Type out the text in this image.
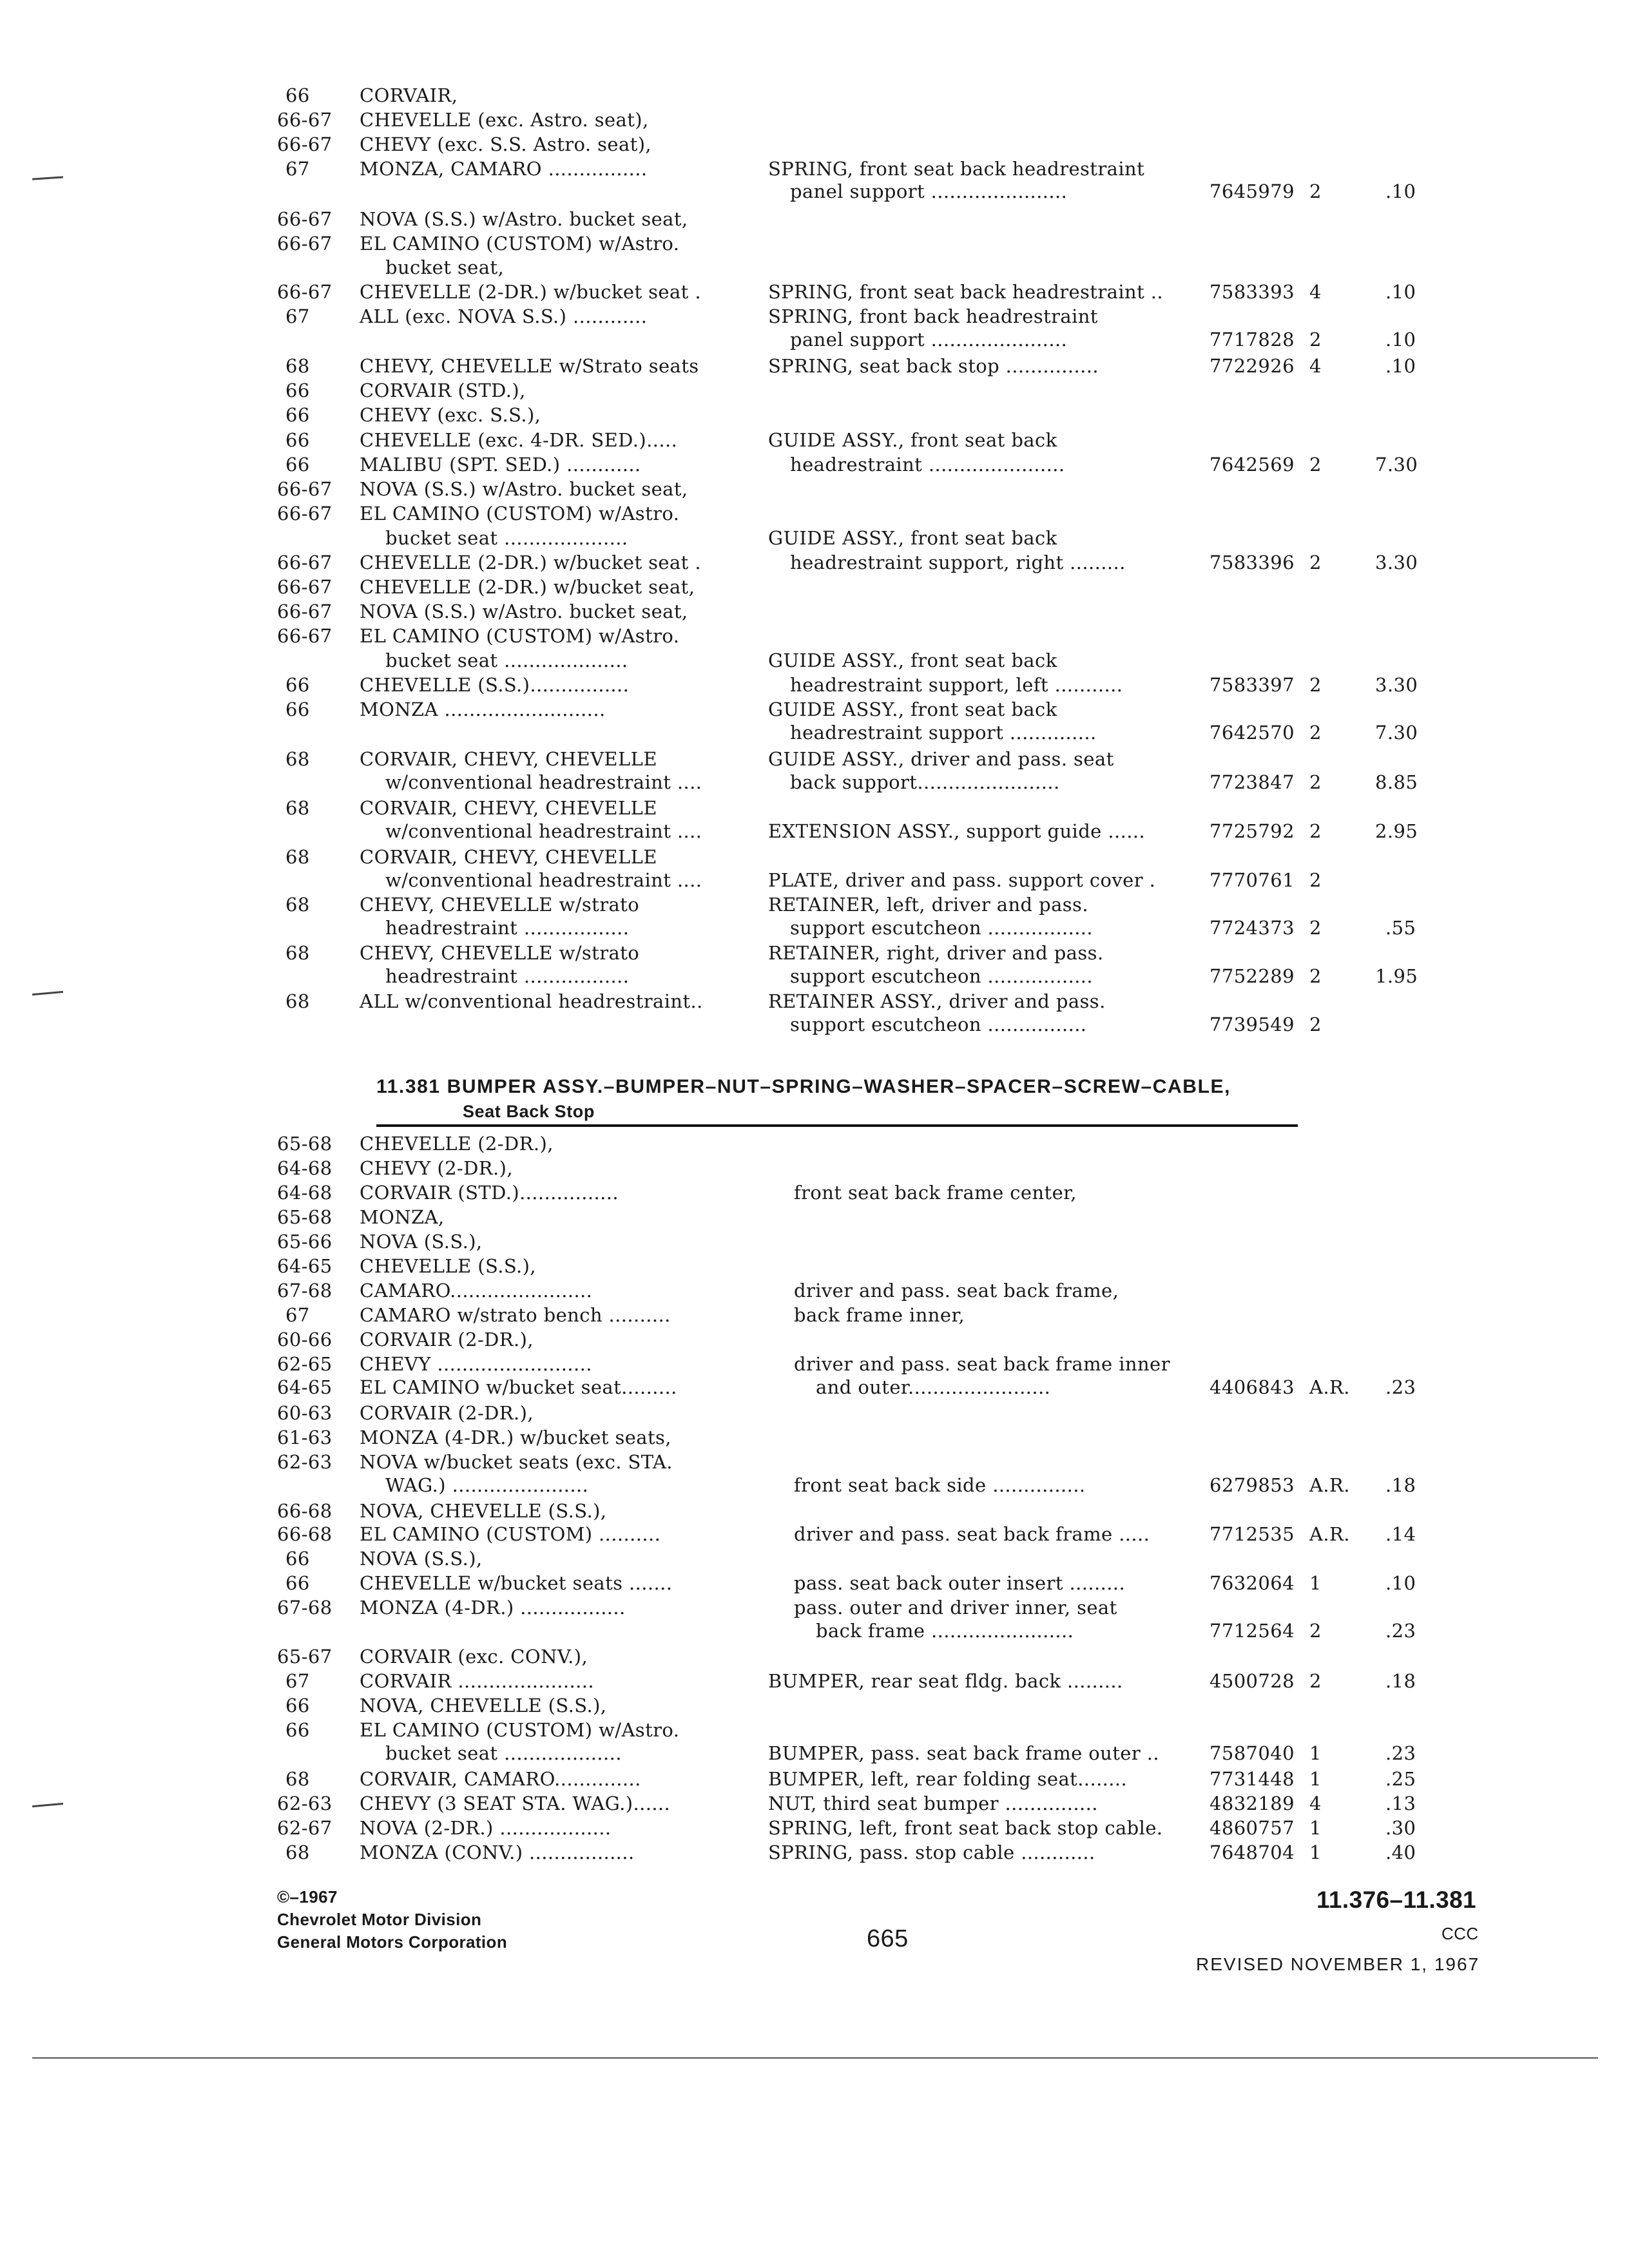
66	CORVAIR,
66-67 CHEVELLE (exc. Astro. seat),
66-67 CHEVY (exc. S.S. Astro. seat),
67	MONZA, CAMARO ................	SPRING, front seat back headrestraint
panel support ......................	7645979 2	.10
66-67 NOVA (S.S.) w/Astro. bucket seat,
66-67 EL CAMINO (CUSTOM) w/Astro.
bucket seat,
66-67 CHEVELLE (2-DR.) w/bucket seat .	SPRING, front seat back headrestraint .. 7583393 4	.10
67	ALL (exc. NOVA S.S.) ............	SPRING, front back headrestraint
panel support ......................	7717828 2	.10
68	CHEVY, CHEVELLE w/Strato seats	SPRING, seat back stop ...............	7722926 4	.10
66	CORVAIR (STD.),
66	CHEVY (exc. S.S.),
66	CHEVELLE (exc. 4-DR. SED.).....	GUIDE ASSY., front seat back
66	MALIBU (SPT. SED.) ............	headrestraint ......................	7642569 2	7.30
66-67 NOVA (S.S.) w/Astro. bucket seat,
66-67 EL CAMINO (CUSTOM) w/Astro.
bucket seat ....................	GUIDE ASSY., front seat back
66-67 CHEVELLE (2-DR.) w/bucket seat .	headrestraint support, right .........	7583396 2	3.30
66-67 CHEVELLE (2-DR.) w/bucket seat,
66-67 NOVA (S.S.) w/Astro. bucket seat,
66-67 EL CAMINO (CUSTOM) w/Astro.
bucket seat ....................	GUIDE ASSY., front seat back
66	CHEVELLE (S.S.)................	headrestraint support, left ...........	7583397 2	3.30
66	MONZA ..........................	GUIDE ASSY., front seat back
headrestraint support ..............	7642570 2	7.30
68	CORVAIR, CHEVY, CHEVELLE	GUIDE ASSY., driver and pass. seat
w/conventional headrestraint ....	back support.......................	7723847 2	8.85
68	CORVAIR, CHEVY, CHEVELLE
w/conventional headrestraint ....	EXTENSION ASSY., support guide ......	7725792 2	2.95
68	CORVAIR, CHEVY, CHEVELLE
w/conventional headrestraint ....	PLATE, driver and pass. support cover .	7770761 2
68	CHEVY, CHEVELLE w/strato	RETAINER, left, driver and pass.
headrestraint .................	support escutcheon .................	7724373 2	.55
68	CHEVY, CHEVELLE w/strato	RETAINER, right, driver and pass.
headrestraint .................	support escutcheon .................	7752289 2	1.95
68	ALL w/conventional headrestraint..	RETAINER ASSY., driver and pass.
support escutcheon ................	7739549 2
65-68 CHEVELLE (2-DR.),
64-68 CHEVY (2-DR.),
64-68 CORVAIR (STD.)................	front seat back frame center,
65-68 MONZA,
65-66 NOVA (S.S.),
64-65 CHEVELLE (S.S.),
67-68 CAMARO.......................	driver and pass. seat back frame,
67	CAMARO w/strato bench ..........	back frame inner,
60-66 CORVAIR (2-DR.),
62-65 CHEVY .........................	driver and pass. seat back frame inner
64-65 EL CAMINO w/bucket seat.........	and outer.......................	4406843 A.R. .23
60-63 CORVAIR (2-DR.),
61-63 MONZA (4-DR.) w/bucket seats,
62-63 NOVA w/bucket seats (exc. STA.
WAG.) ......................	front seat back side ...............	6279853 A.R. .18
66-68 NOVA, CHEVELLE (S.S.),
66-68 EL CAMINO (CUSTOM) ..........	driver and pass. seat back frame .....	7712535 A.R. .14
66	NOVA (S.S.),
66	CHEVELLE w/bucket seats .......	pass. seat back outer insert .........	7632064 1	.10
67-68 MONZA (4-DR.) .................	pass. outer and driver inner, seat
back frame .......................	7712564 2	.23
65-67 CORVAIR (exc. CONV.),
67	CORVAIR ......................	BUMPER, rear seat fldg. back .........	4500728 2	.18
66	NOVA, CHEVELLE (S.S.),
66	EL CAMINO (CUSTOM) w/Astro.
bucket seat ...................	BUMPER, pass. seat back frame outer ..	7587040 1	.23
68	CORVAIR, CAMARO..............	BUMPER, left, rear folding seat........	7731448 1	.25
62-63 CHEVY (3 SEAT STA. WAG.)......	NUT, third seat bumper ...............	4832189 4	.13
62-67 NOVA (2-DR.) ..................	SPRING, left, front seat back stop cable.	4860757 1	.30
68	MONZA (CONV.) .................	SPRING, pass. stop cable ............	7648704 1	.40
11.381 BUMPER ASSY.–BUMPER–NUT–SPRING–WASHER–SPACER–SCREW–CABLE,
Seat Back Stop
©–1967
Chevrolet Motor Division
General Motors Corporation	665
11.376–11.381
CCC
REVISED NOVEMBER 1, 1967
